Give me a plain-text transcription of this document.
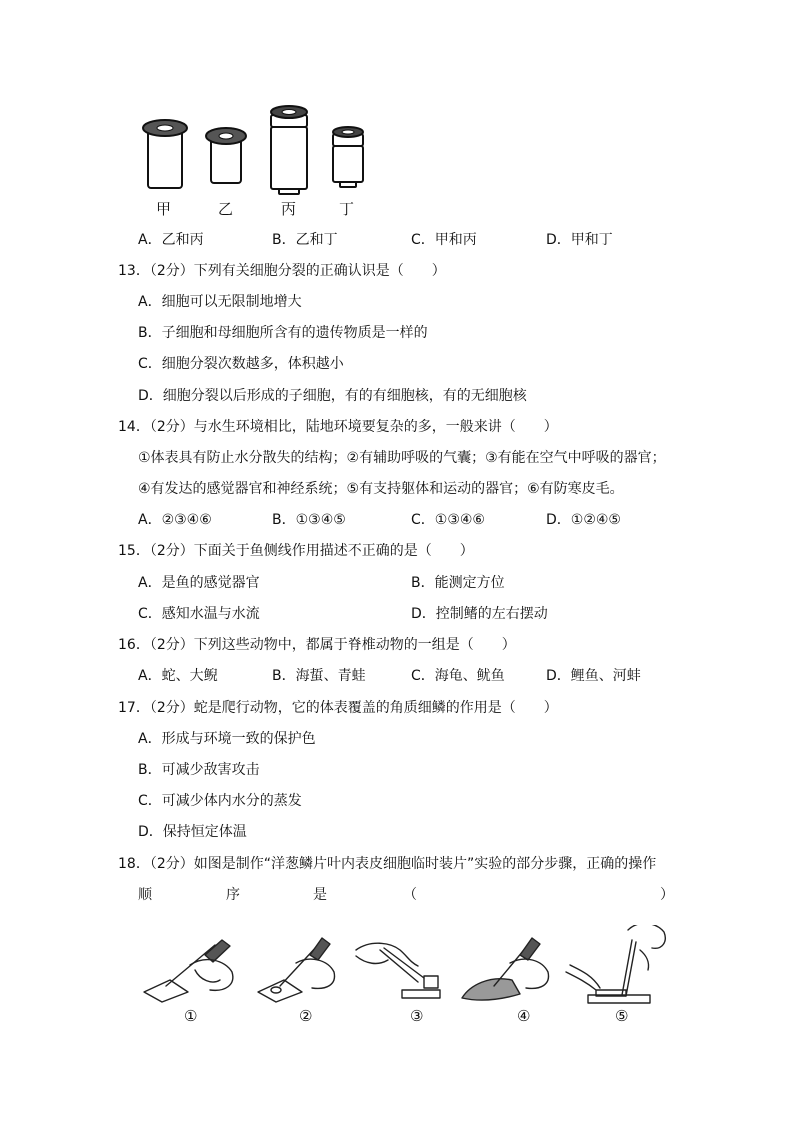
甲	乙	丙	丁
A．乙和丙	B．乙和丁	C．甲和丙	D．甲和丁
13．（2分）下列有关细胞分裂的正确认识是（　　）
A．细胞可以无限制地增大
B．子细胞和母细胞所含有的遗传物质是一样的
C．细胞分裂次数越多，体积越小
D．细胞分裂以后形成的子细胞，有的有细胞核，有的无细胞核
14．（2分）与水生环境相比，陆地环境要复杂的多，一般来讲（　　）
①体表具有防止水分散失的结构；②有辅助呼吸的气囊；③有能在空气中呼吸的器官；
④有发达的感觉器官和神经系统；⑤有支持躯体和运动的器官；⑥有防寒皮毛。
A．②③④⑥	B．①③④⑤	C．①③④⑥	D．①②④⑤
15．（2分）下面关于鱼侧线作用描述不正确的是（　　）
A．是鱼的感觉器官	B．能测定方位
C．感知水温与水流	D．控制鳍的左右摆动
16．（2分）下列这些动物中，都属于脊椎动物的一组是（　　）
A．蛇、大鲵	B．海蜇、青蛙	C．海龟、鱿鱼	D．鲤鱼、河蚌
17．（2分）蛇是爬行动物，它的体表覆盖的角质细鳞的作用是（　　）
A．形成与环境一致的保护色
B．可减少敌害攻击
C．可减少体内水分的蒸发
D．保持恒定体温
18．（2分）如图是制作“洋葱鳞片叶内表皮细胞临时装片”实验的部分步骤，正确的操作
顺	序	是	（	）
①	②	③	④	⑤
